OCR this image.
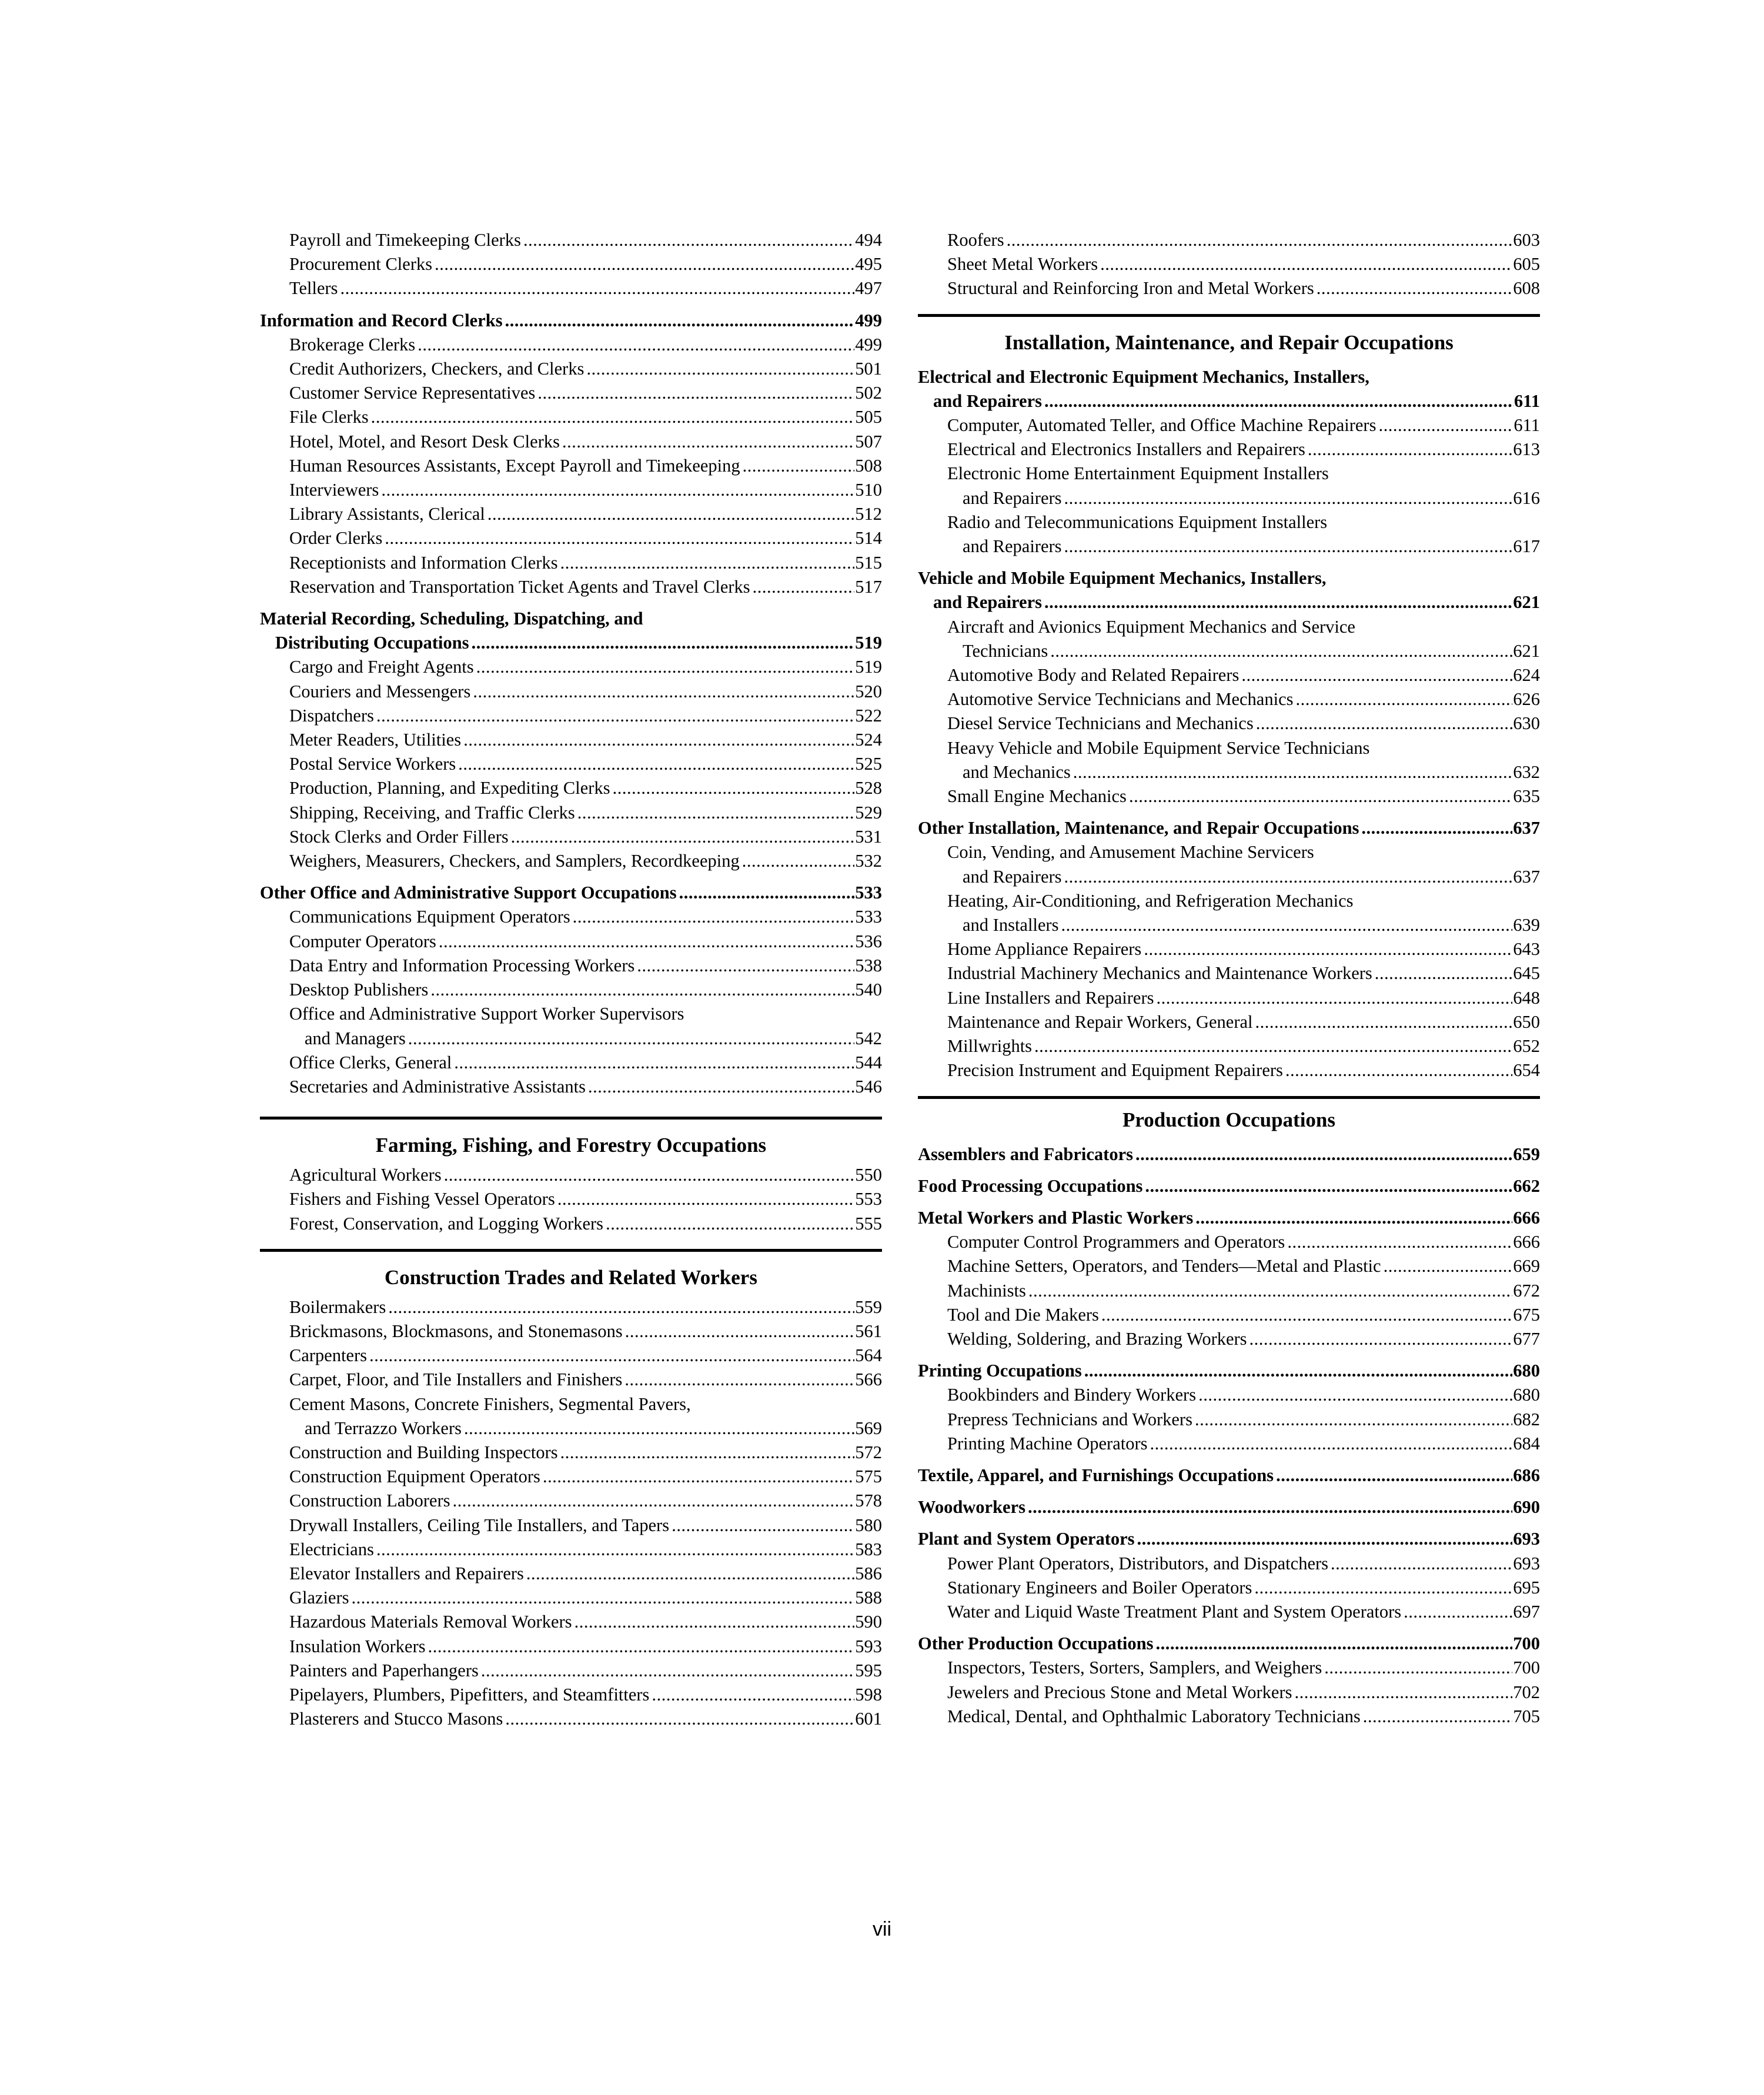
Payroll and Timekeeping Clerks .....	494
Procurement Clerks .....	495
Tellers .....	497
Information and Record Clerks .....	499
Brokerage Clerks .....	499
Credit Authorizers, Checkers, and Clerks .....	501
Customer Service Representatives .....	502
File Clerks .....	505
Hotel, Motel, and Resort Desk Clerks .....	507
Human Resources Assistants, Except Payroll and Timekeeping .....	508
Interviewers .....	510
Library Assistants, Clerical .....	512
Order Clerks .....	514
Receptionists and Information Clerks .....	515
Reservation and Transportation Ticket Agents and Travel Clerks .....	517
Material Recording, Scheduling, Dispatching, and
Distributing Occupations .....	519
Cargo and Freight Agents .....	519
Couriers and Messengers .....	520
Dispatchers .....	522
Meter Readers, Utilities .....	524
Postal Service Workers .....	525
Production, Planning, and Expediting Clerks .....	528
Shipping, Receiving, and Traffic Clerks .....	529
Stock Clerks and Order Fillers .....	531
Weighers, Measurers, Checkers, and Samplers, Recordkeeping .....	532
Other Office and Administrative Support Occupations .....	533
Communications Equipment Operators .....	533
Computer Operators .....	536
Data Entry and Information Processing Workers .....	538
Desktop Publishers .....	540
Office and Administrative Support Worker Supervisors
and Managers .....	542
Office Clerks, General .....	544
Secretaries and Administrative Assistants .....	546
Farming, Fishing, and Forestry Occupations
Agricultural Workers .....	550
Fishers and Fishing Vessel Operators .....	553
Forest, Conservation, and Logging Workers .....	555
Construction Trades and Related Workers
Boilermakers .....	559
Brickmasons, Blockmasons, and Stonemasons .....	561
Carpenters .....	564
Carpet, Floor, and Tile Installers and Finishers .....	566
Cement Masons, Concrete Finishers, Segmental Pavers,
and Terrazzo Workers .....	569
Construction and Building Inspectors .....	572
Construction Equipment Operators .....	575
Construction Laborers .....	578
Drywall Installers, Ceiling Tile Installers, and Tapers .....	580
Electricians .....	583
Elevator Installers and Repairers .....	586
Glaziers .....	588
Hazardous Materials Removal Workers .....	590
Insulation Workers .....	593
Painters and Paperhangers .....	595
Pipelayers, Plumbers, Pipefitters, and Steamfitters .....	598
Plasterers and Stucco Masons .....	601
Roofers .....	603
Sheet Metal Workers .....	605
Structural and Reinforcing Iron and Metal Workers .....	608
Installation, Maintenance, and Repair Occupations
Electrical and Electronic Equipment Mechanics, Installers,
and Repairers .....	611
Computer, Automated Teller, and Office Machine Repairers .....	611
Electrical and Electronics Installers and Repairers .....	613
Electronic Home Entertainment Equipment Installers
and Repairers .....	616
Radio and Telecommunications Equipment Installers
and Repairers .....	617
Vehicle and Mobile Equipment Mechanics, Installers,
and Repairers .....	621
Aircraft and Avionics Equipment Mechanics and Service
Technicians .....	621
Automotive Body and Related Repairers .....	624
Automotive Service Technicians and Mechanics .....	626
Diesel Service Technicians and Mechanics .....	630
Heavy Vehicle and Mobile Equipment Service Technicians
and Mechanics .....	632
Small Engine Mechanics .....	635
Other Installation, Maintenance, and Repair Occupations .....	637
Coin, Vending, and Amusement Machine Servicers
and Repairers .....	637
Heating, Air-Conditioning, and Refrigeration Mechanics
and Installers .....	639
Home Appliance Repairers .....	643
Industrial Machinery Mechanics and Maintenance Workers .....	645
Line Installers and Repairers .....	648
Maintenance and Repair Workers, General .....	650
Millwrights .....	652
Precision Instrument and Equipment Repairers .....	654
Production Occupations
Assemblers and Fabricators .....	659
Food Processing Occupations .....	662
Metal Workers and Plastic Workers .....	666
Computer Control Programmers and Operators .....	666
Machine Setters, Operators, and Tenders—Metal and Plastic .....	669
Machinists .....	672
Tool and Die Makers .....	675
Welding, Soldering, and Brazing Workers .....	677
Printing Occupations .....	680
Bookbinders and Bindery Workers .....	680
Prepress Technicians and Workers .....	682
Printing Machine Operators .....	684
Textile, Apparel, and Furnishings Occupations .....	686
Woodworkers .....	690
Plant and System Operators .....	693
Power Plant Operators, Distributors, and Dispatchers .....	693
Stationary Engineers and Boiler Operators .....	695
Water and Liquid Waste Treatment Plant and System Operators .....	697
Other Production Occupations .....	700
Inspectors, Testers, Sorters, Samplers, and Weighers .....	700
Jewelers and Precious Stone and Metal Workers .....	702
Medical, Dental, and Ophthalmic Laboratory Technicians .....	705
vii
